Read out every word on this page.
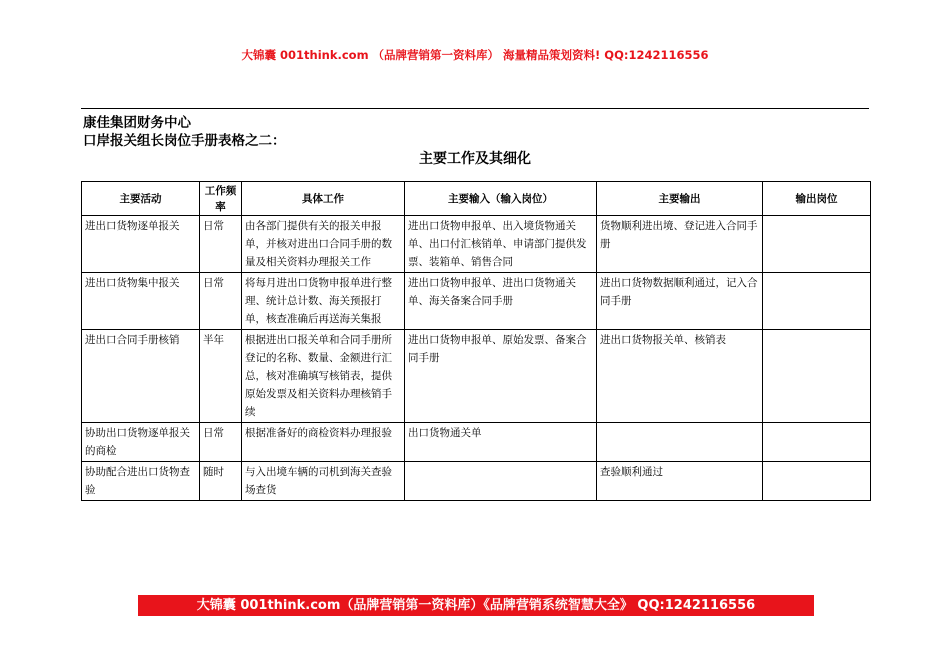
大锦囊 001think.com （品牌营销第一资料库） 海量精品策划资料! QQ:1242116556
康佳集团财务中心
口岸报关组长岗位手册表格之二：
主要工作及其细化
主要活动	工作频率	具体工作	主要输入（输入岗位）	主要输出	输出岗位
进出口货物逐单报关	日常	由各部门提供有关的报关申报单，并核对进出口合同手册的数量及相关资料办理报关工作	进出口货物申报单、出入境货物通关单、出口付汇核销单、申请部门提供发票、装箱单、销售合同	货物顺利进出境、登记进入合同手册	
进出口货物集中报关	日常	将每月进出口货物申报单进行整理、统计总计数、海关预报打单，核查准确后再送海关集报	进出口货物申报单、进出口货物通关单、海关备案合同手册	进出口货物数据顺利通过，记入合同手册	
进出口合同手册核销	半年	根据进出口报关单和合同手册所登记的名称、数量、金额进行汇总，核对准确填写核销表，提供原始发票及相关资料办理核销手续	进出口货物申报单、原始发票、备案合同手册	进出口货物报关单、核销表	
协助出口货物逐单报关的商检	日常	根据准备好的商检资料办理报验	出口货物通关单		
协助配合进出口货物查验	随时	与入出境车辆的司机到海关查验场查货		查验顺利通过	
大锦囊 001think.com（品牌营销第一资料库）《品牌营销系统智慧大全》 QQ:1242116556
